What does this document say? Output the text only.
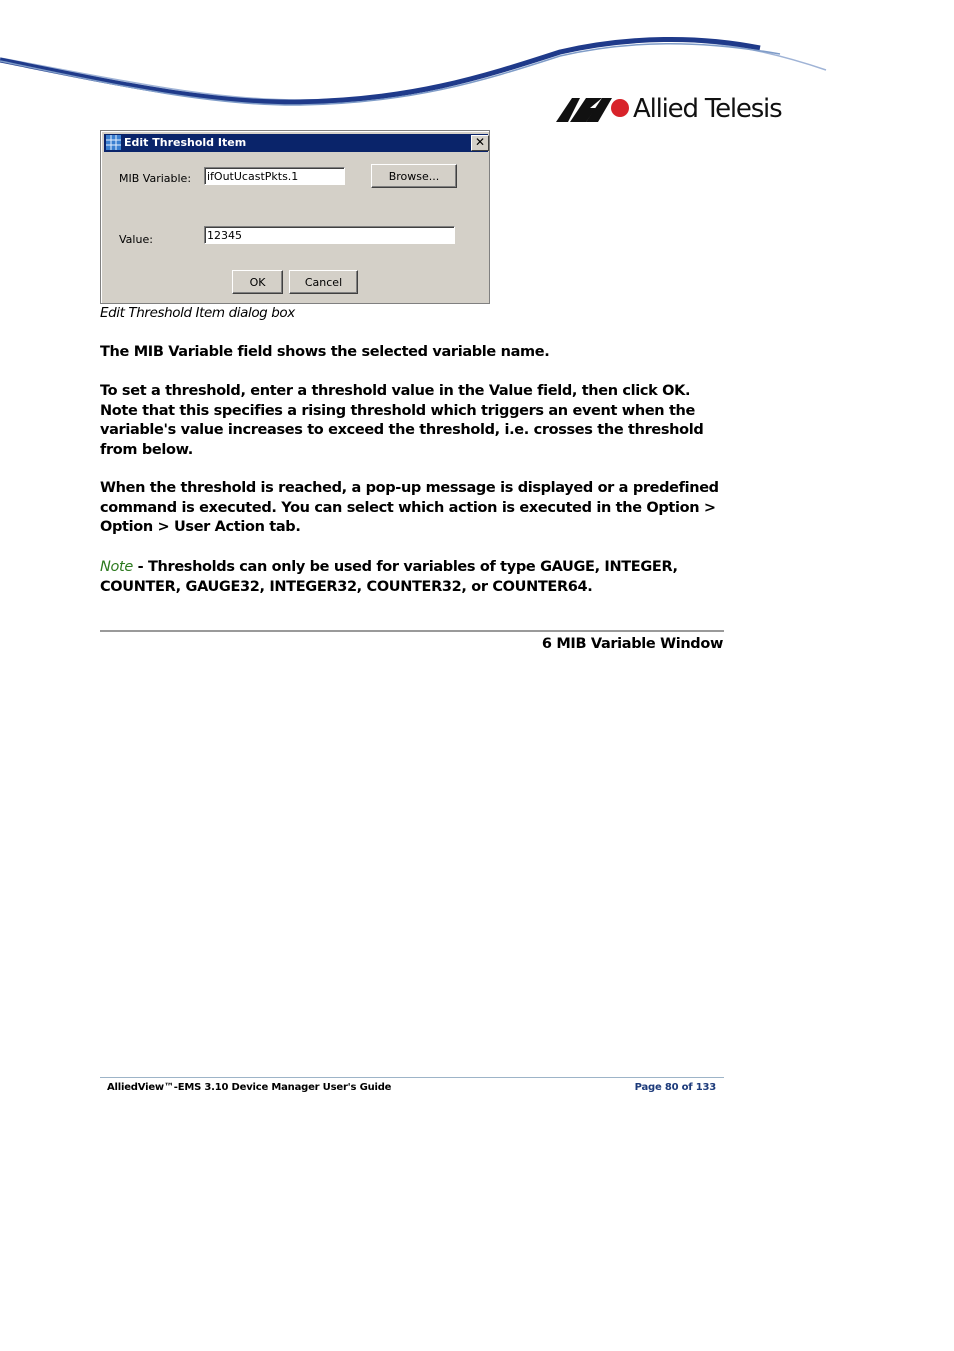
Allied Telesis
Edit Threshold Item	✕
MIB Variable: ifOutUcastPkts.1	Browse...
Value:	12345
OK	Cancel
Edit Threshold Item dialog box
The MIB Variable field shows the selected variable name.
To set a threshold, enter a threshold value in the Value field, then click OK. Note that this specifies a rising threshold which triggers an event when the variable's value increases to exceed the threshold, i.e. crosses the threshold from below.
When the threshold is reached, a pop-up message is displayed or a predefined command is executed. You can select which action is executed in the Option > Option > User Action tab.
Note - Thresholds can only be used for variables of type GAUGE, INTEGER, COUNTER, GAUGE32, INTEGER32, COUNTER32, or COUNTER64.
6 MIB Variable Window
AlliedView™-EMS 3.10 Device Manager User's Guide	Page 80 of 133
